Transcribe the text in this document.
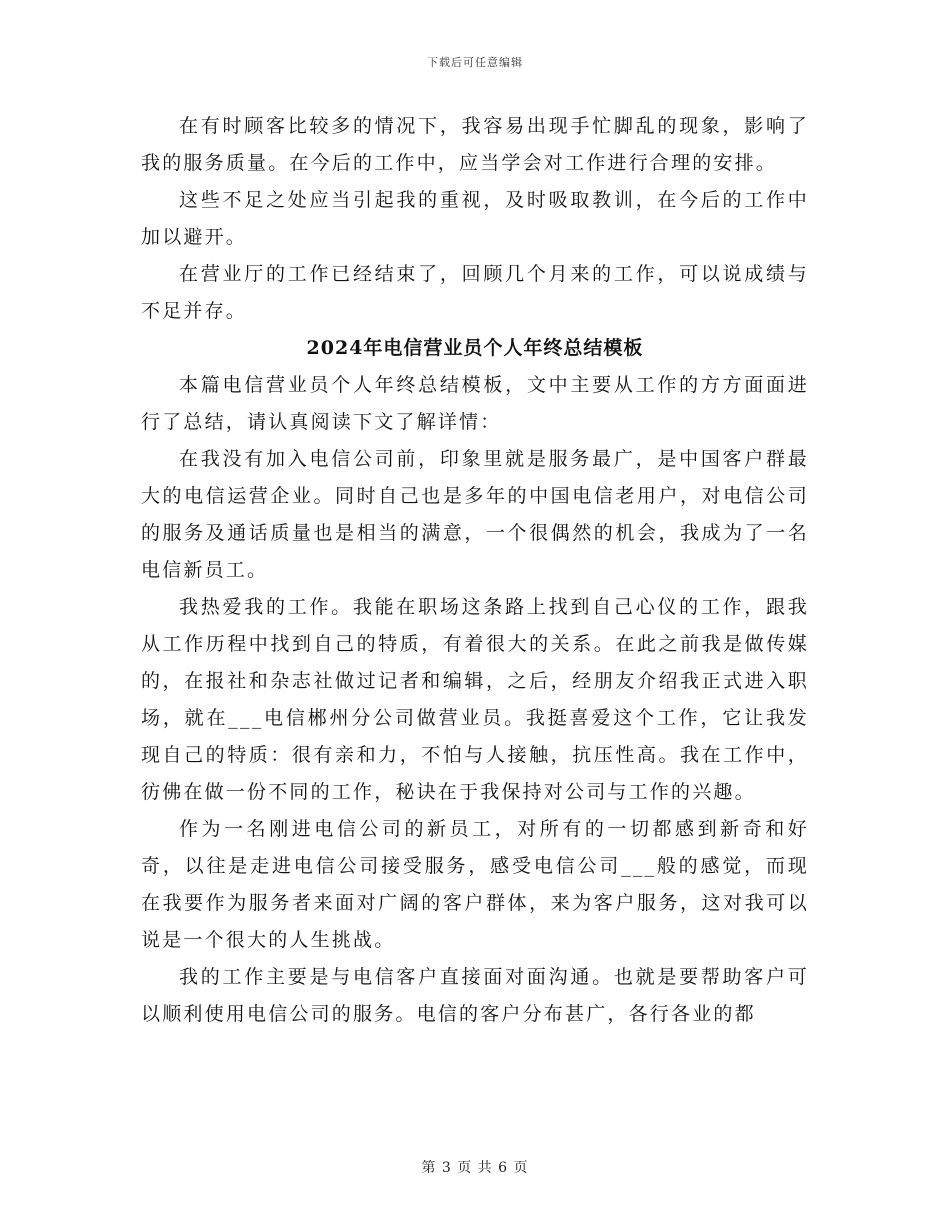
下载后可任意编辑

在有时顾客比较多的情况下，我容易出现手忙脚乱的现象，影响了我的服务质量。在今后的工作中，应当学会对工作进行合理的安排。

这些不足之处应当引起我的重视，及时吸取教训，在今后的工作中加以避开。

在营业厅的工作已经结束了，回顾几个月来的工作，可以说成绩与不足并存。

2024年电信营业员个人年终总结模板

本篇电信营业员个人年终总结模板，文中主要从工作的方方面面进行了总结，请认真阅读下文了解详情：

在我没有加入电信公司前，印象里就是服务最广，是中国客户群最大的电信运营企业。同时自己也是多年的中国电信老用户，对电信公司的服务及通话质量也是相当的满意，一个很偶然的机会，我成为了一名电信新员工。

我热爱我的工作。我能在职场这条路上找到自己心仪的工作，跟我从工作历程中找到自己的特质，有着很大的关系。在此之前我是做传媒的，在报社和杂志社做过记者和编辑，之后，经朋友介绍我正式进入职场，就在___电信郴州分公司做营业员。我挺喜爱这个工作，它让我发现自己的特质：很有亲和力，不怕与人接触，抗压性高。我在工作中，彷佛在做一份不同的工作，秘诀在于我保持对公司与工作的兴趣。

作为一名刚进电信公司的新员工，对所有的一切都感到新奇和好奇，以往是走进电信公司接受服务，感受电信公司___般的感觉，而现在我要作为服务者来面对广阔的客户群体，来为客户服务，这对我可以说是一个很大的人生挑战。

我的工作主要是与电信客户直接面对面沟通。也就是要帮助客户可以顺利使用电信公司的服务。电信的客户分布甚广，各行各业的都

第 3 页 共 6 页
